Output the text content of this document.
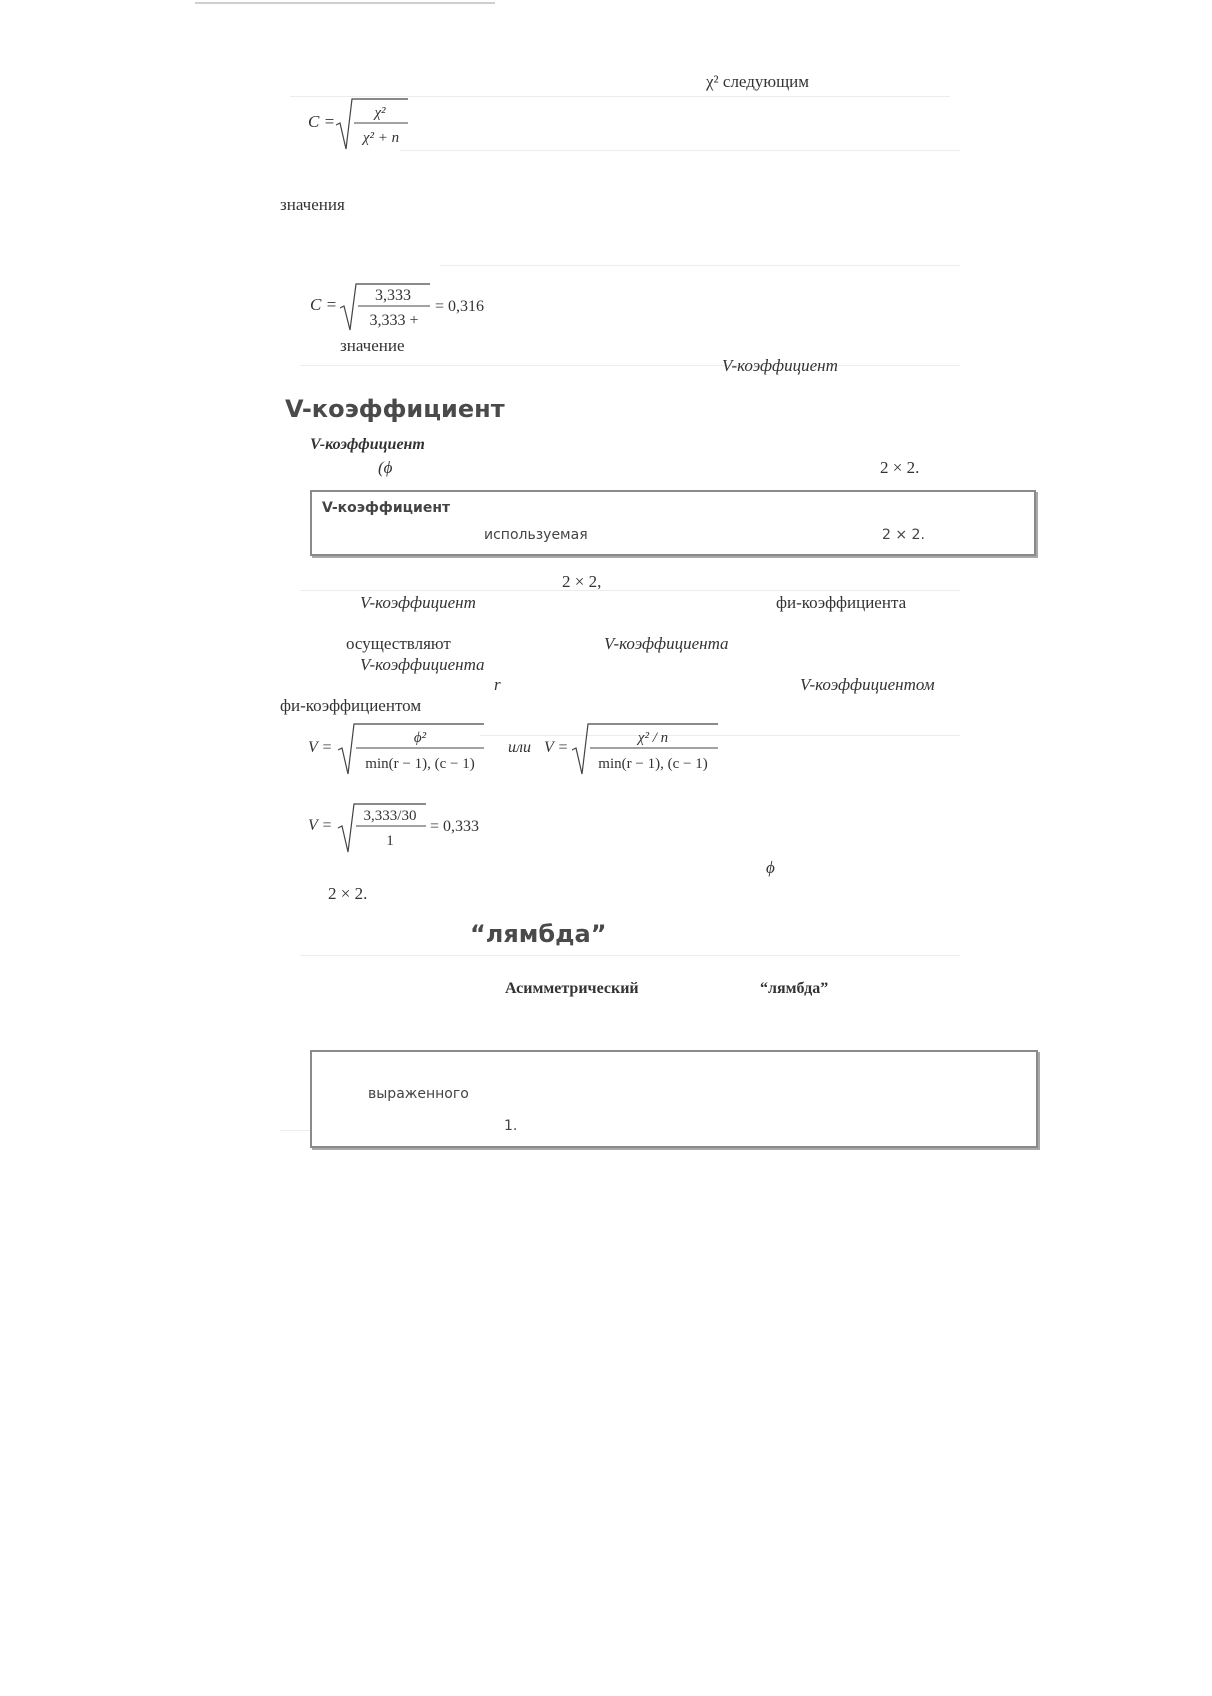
χ² следующим
C =	χ²
χ² + n
значения
C = 3,333
3,333 +
= 0,316
значение
V-коэффициент
V-коэффициент
V-коэффициент
(ϕ	2 × 2.
V-коэффициент
используемая	2 × 2.
2 × 2,
V-коэффициент	фи-коэффициента
осуществляют	V-коэффициента
V-коэффициента
r	V-коэффициентом
фи-коэффициентом
V =
ϕ²
min(r − 1), (c − 1)
или V =
χ² / n
min(r − 1), (c − 1)
V =
3,333/30
1
= 0,333
ϕ
2 × 2.
“лямбда”
Асимметрический	“лямбда”
выраженного
1.
